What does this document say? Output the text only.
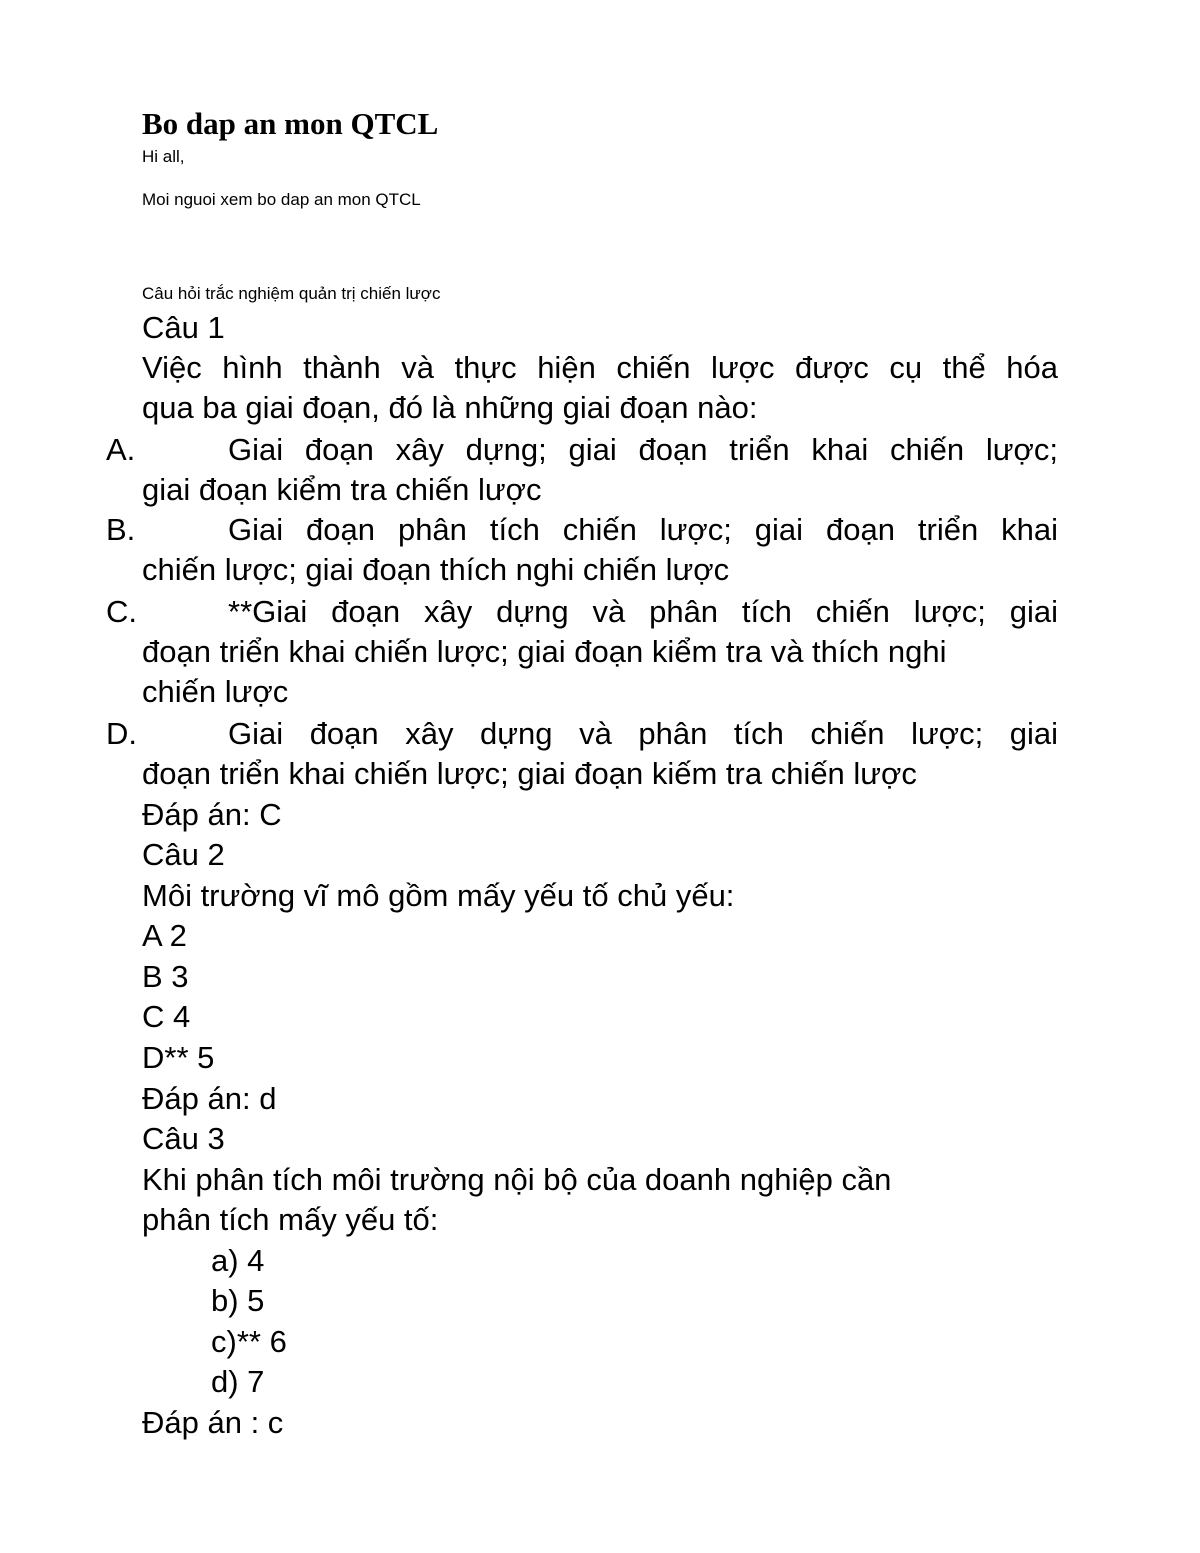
Bo dap an mon QTCL
Hi all,
Moi nguoi xem bo dap an mon QTCL
Câu hỏi trắc nghiệm quản trị chiến lược
Câu 1
Việc hình thành và thực hiện chiến lược được cụ thể hóa
qua ba giai đoạn, đó là những giai đoạn nào:
A.	Giai đoạn xây dựng; giai đoạn triển khai chiến lược;
giai đoạn kiểm tra chiến lược
B.	Giai đoạn phân tích chiến lược; giai đoạn triển khai
chiến lược; giai đoạn thích nghi chiến lược
C.	**Giai đoạn xây dựng và phân tích chiến lược; giai
đoạn triển khai chiến lược; giai đoạn kiểm tra và thích nghi
chiến lược
D.	Giai đoạn xây dựng và phân tích chiến lược; giai
đoạn triển khai chiến lược; giai đoạn kiếm tra chiến lược
Đáp án: C
Câu 2
Môi trường vĩ mô gồm mấy yếu tố chủ yếu:
A 2
B 3
C 4
D** 5
Đáp án: d
Câu 3
Khi phân tích môi trường nội bộ của doanh nghiệp cần
phân tích mấy yếu tố:
a) 4
b) 5
c)** 6
d) 7
Đáp án : c
